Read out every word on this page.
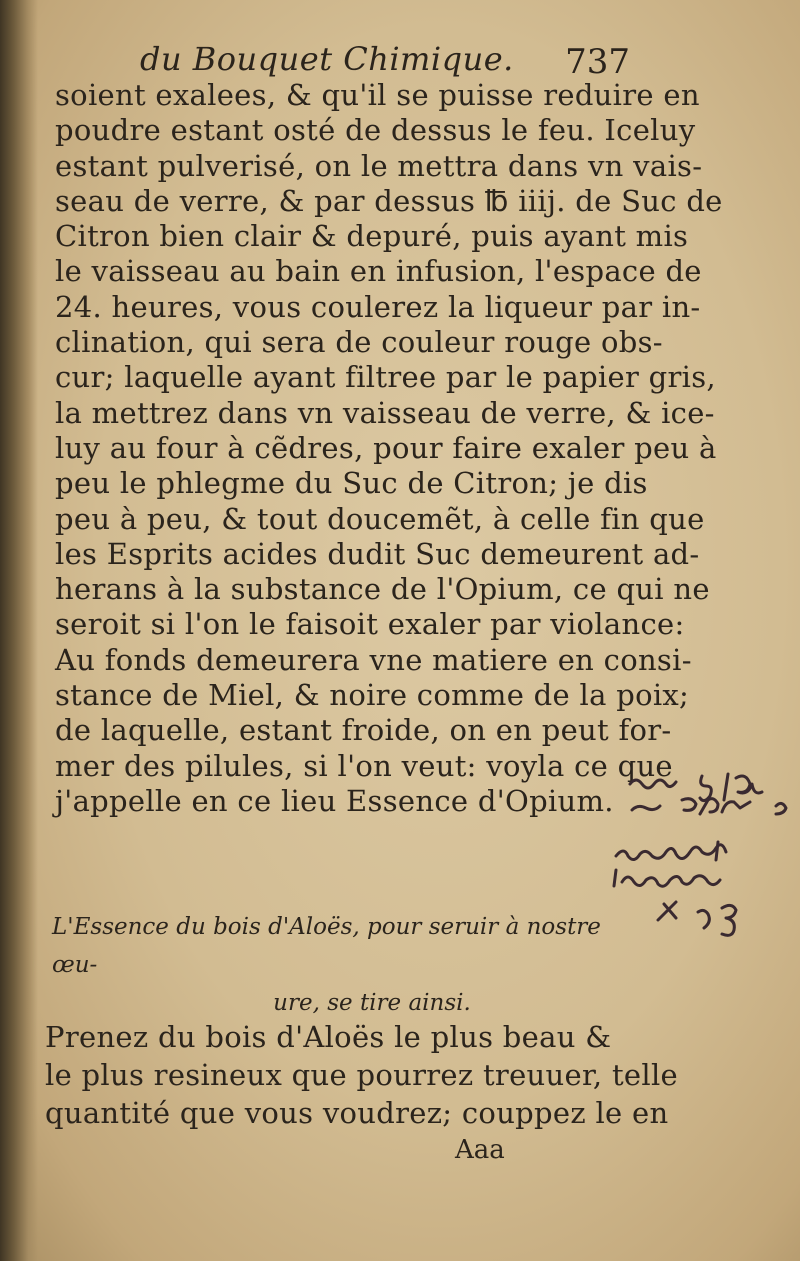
du Bouquet Chimique. 737
soient exalees, & qu'il se puisse reduire en
poudre estant osté de dessus le feu. Iceluy
estant pulverisé, on le mettra dans vn vais-
seau de verre, & par dessus ℔ iiij. de Suc de
Citron bien clair & depuré, puis ayant mis
le vaisseau au bain en infusion, l'espace de
24. heures, vous coulerez la liqueur par in-
clination, qui sera de couleur rouge obs-
cur; laquelle ayant filtree par le papier gris,
la mettrez dans vn vaisseau de verre, & ice-
luy au four à cẽdres, pour faire exaler peu à
peu le phlegme du Suc de Citron; je dis
peu à peu, & tout doucemẽt, à celle fin que
les Esprits acides dudit Suc demeurent ad-
herans à la substance de l'Opium, ce qui ne
seroit si l'on le faisoit exaler par violance:
Au fonds demeurera vne matiere en consi-
stance de Miel, & noire comme de la poix;
de laquelle, estant froide, on en peut for-
mer des pilules, si l'on veut: voyla ce que
j'appelle en ce lieu Essence d'Opium.
L'Essence du bois d'Aloës, pour seruir à nostre œu-
ure, se tire ainsi.
Prenez du bois d'Aloës le plus beau &
le plus resineux que pourrez treuuer, telle
quantité que vous voudrez; couppez le en
Aaa
